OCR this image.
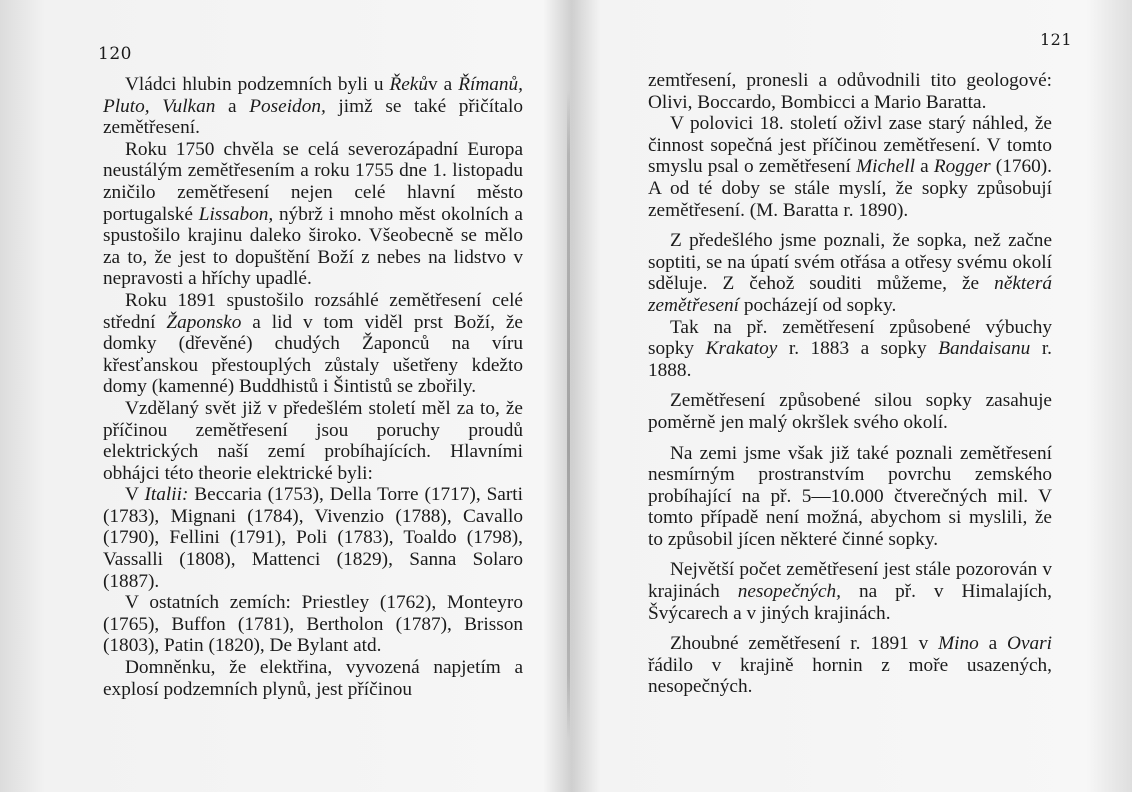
120

Vládci hlubin podzemních byli u Řekův a Římanů, Pluto, Vulkan a Poseidon, jimž se také přičítalo zemětřesení.

Roku 1750 chvěla se celá severozápadní Europa neustálým zemětřesením a roku 1755 dne 1. listopadu zničilo zemětřesení nejen celé hlavní město portugalské Lissabon, nýbrž i mnoho měst okolních a spustošilo krajinu daleko široko. Všeobecně se mělo za to, že jest to dopuštění Boží z nebes na lidstvo v nepravosti a hříchy upadlé.

Roku 1891 spustošilo rozsáhlé zemětřesení celé střední Žaponsko a lid v tom viděl prst Boží, že domky (dřevěné) chudých Žaponců na víru křesťanskou přestouplých zůstaly ušetřeny kdežto domy (kamenné) Buddhistů i Šintistů se zbořily.

Vzdělaný svět již v předešlém století měl za to, že příčinou zemětřesení jsou poruchy proudů elektrických naší zemí probíhajících. Hlavními obhájci této theorie elektrické byli:

V Italii: Beccaria (1753), Della Torre (1717), Sarti (1783), Mignani (1784), Vivenzio (1788), Cavallo (1790), Fellini (1791), Poli (1783), Toaldo (1798), Vassalli (1808), Mattenci (1829), Sanna Solaro (1887).

V ostatních zemích: Priestley (1762), Monteyro (1765), Buffon (1781), Bertholon (1787), Brisson (1803), Patin (1820), De Bylant atd.

Domněnku, že elektřina, vyvozená napjetím a explosí podzemních plynů, jest příčinou

121

zemtřesení, pronesli a odůvodnili tito geologové: Olivi, Boccardo, Bombicci a Mario Baratta.

V polovici 18. století oživl zase starý náhled, že činnost sopečná jest příčinou zemětřesení. V tomto smyslu psal o zemětřesení Michell a Rogger (1760). A od té doby se stále myslí, že sopky způsobují zemětřesení. (M. Baratta r. 1890).

Z předešlého jsme poznali, že sopka, než začne soptiti, se na úpatí svém otřása a otřesy svému okolí sděluje. Z čehož souditi můžeme, že některá zemětřesení pocházejí od sopky.

Tak na př. zemětřesení způsobené výbuchy sopky Krakatoy r. 1883 a sopky Bandaisanu r. 1888.

Zemětřesení způsobené silou sopky zasahuje poměrně jen malý okršlek svého okolí.

Na zemi jsme však již také poznali zemětřesení nesmírným prostranstvím povrchu zemského probíhající na př. 5—10.000 čtverečných mil. V tomto případě není možná, abychom si myslili, že to způsobil jícen některé činné sopky.

Největší počet zemětřesení jest stále pozorován v krajinách nesopečných, na př. v Himalajích, Švýcarech a v jiných krajinách.

Zhoubné zemětřesení r. 1891 v Mino a Ovari řádilo v krajině hornin z moře usazených, nesopečných.
